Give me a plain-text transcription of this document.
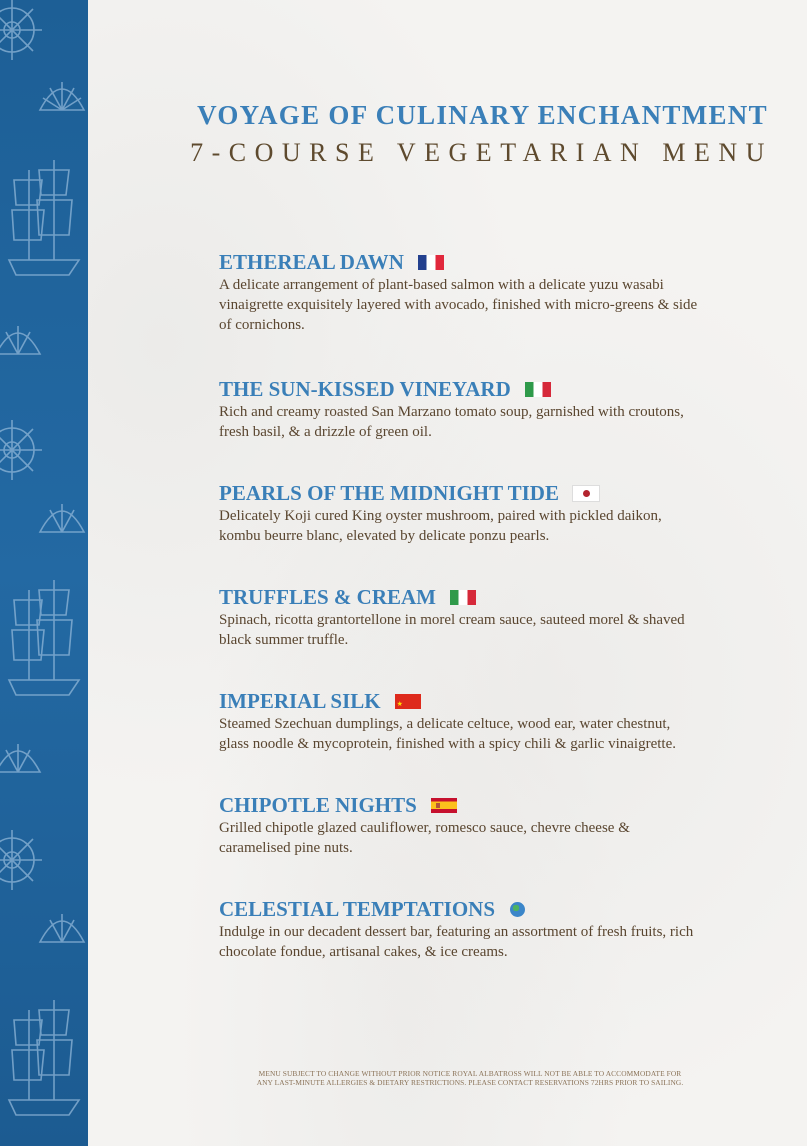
VOYAGE OF CULINARY ENCHANTMENT
7-COURSE VEGETARIAN MENU
ETHEREAL DAWN
A delicate arrangement of plant-based salmon with a delicate yuzu wasabi vinaigrette exquisitely layered with avocado, finished with micro-greens & side of cornichons.
THE SUN-KISSED VINEYARD
Rich and creamy roasted San Marzano tomato soup, garnished with croutons, fresh basil, & a drizzle of green oil.
PEARLS OF THE MIDNIGHT TIDE
Delicately Koji cured King oyster mushroom, paired with pickled daikon, kombu beurre blanc, elevated by delicate ponzu pearls.
TRUFFLES & CREAM
Spinach, ricotta grantortellone in morel cream sauce, sauteed morel & shaved black summer truffle.
IMPERIAL SILK
★
Steamed Szechuan dumplings, a delicate celtuce, wood ear, water chestnut, glass noodle & mycoprotein, finished with a spicy chili & garlic vinaigrette.
CHIPOTLE NIGHTS
Grilled chipotle glazed cauliflower, romesco sauce, chevre cheese & caramelised pine nuts.
CELESTIAL TEMPTATIONS
Indulge in our decadent dessert bar, featuring an assortment of fresh fruits, rich chocolate fondue, artisanal cakes, & ice creams.
MENU SUBJECT TO CHANGE WITHOUT PRIOR NOTICE ROYAL ALBATROSS WILL NOT BE ABLE TO ACCOMMODATE FOR
ANY LAST-MINUTE ALLERGIES & DIETARY RESTRICTIONS. PLEASE CONTACT RESERVATIONS 72HRS PRIOR TO SAILING.
